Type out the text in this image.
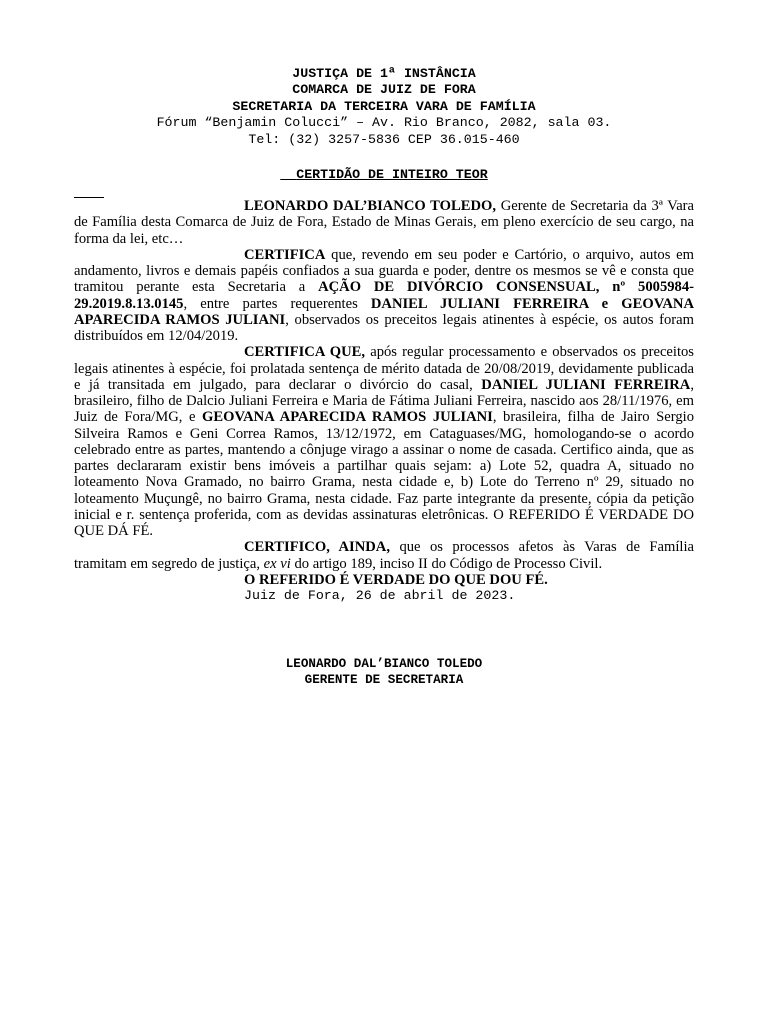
JUSTIÇA DE 1ª INSTÂNCIA
COMARCA DE JUIZ DE FORA
SECRETARIA DA TERCEIRA VARA DE FAMÍLIA
Fórum “Benjamin Colucci” – Av. Rio Branco, 2082, sala 03.
Tel: (32) 3257-5836 CEP 36.015-460
CERTIDÃO DE INTEIRO TEOR

LEONARDO DAL’BIANCO TOLEDO, Gerente de Secretaria da 3ª Vara de Família desta Comarca de Juiz de Fora, Estado de Minas Gerais, em pleno exercício de seu cargo, na forma da lei, etc…

CERTIFICA que, revendo em seu poder e Cartório, o arquivo, autos em andamento, livros e demais papéis confiados a sua guarda e poder, dentre os mesmos se vê e consta que tramitou perante esta Secretaria a AÇÃO DE DIVÓRCIO CONSENSUAL, nº 5005984-29.2019.8.13.0145, entre partes requerentes DANIEL JULIANI FERREIRA e GEOVANA APARECIDA RAMOS JULIANI, observados os preceitos legais atinentes à espécie, os autos foram distribuídos em 12/04/2019.

CERTIFICA QUE, após regular processamento e observados os preceitos legais atinentes à espécie, foi prolatada sentença de mérito datada de 20/08/2019, devidamente publicada e já transitada em julgado, para declarar o divórcio do casal, DANIEL JULIANI FERREIRA, brasileiro, filho de Dalcio Juliani Ferreira e Maria de Fátima Juliani Ferreira, nascido aos 28/11/1976, em Juiz de Fora/MG, e GEOVANA APARECIDA RAMOS JULIANI, brasileira, filha de Jairo Sergio Silveira Ramos e Geni Correa Ramos, 13/12/1972, em Cataguases/MG, homologando-se o acordo celebrado entre as partes, mantendo a cônjuge virago a assinar o nome de casada. Certifico ainda, que as partes declararam existir bens imóveis a partilhar quais sejam: a) Lote 52, quadra A, situado no loteamento Nova Gramado, no bairro Grama, nesta cidade e, b) Lote do Terreno nº 29, situado no loteamento Muçungê, no bairro Grama, nesta cidade. Faz parte integrante da presente, cópia da petição inicial e r. sentença proferida, com as devidas assinaturas eletrônicas. O REFERIDO É VERDADE DO QUE DÁ FÉ.

CERTIFICO, AINDA, que os processos afetos às Varas de Família tramitam em segredo de justiça, ex vi do artigo 189, inciso II do Código de Processo Civil.

O REFERIDO É VERDADE DO QUE DOU FÉ.

Juiz de Fora, 26 de abril de 2023.

LEONARDO DAL’BIANCO TOLEDO
GERENTE DE SECRETARIA
